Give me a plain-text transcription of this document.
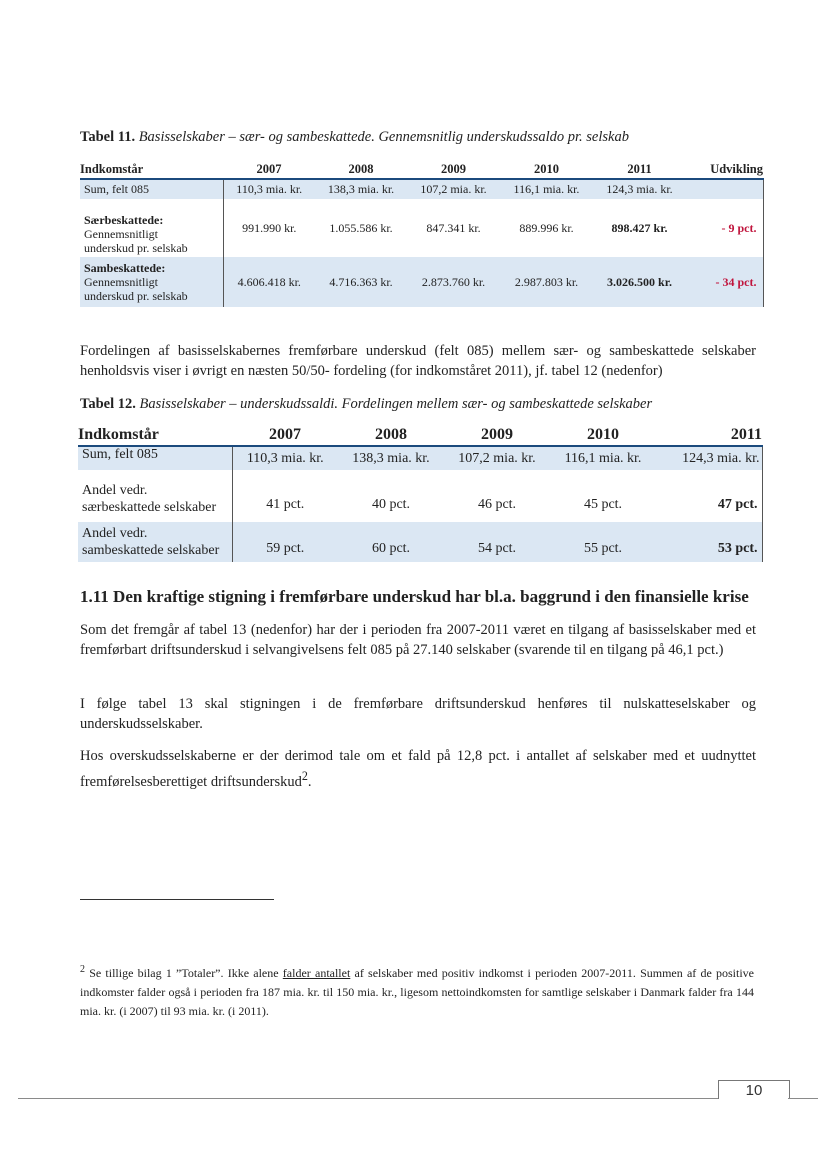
Tabel 11. Basisselskaber – sær- og sambeskattede. Gennemsnitlig underskudssaldo pr. selskab
Indkomstår	2007	2008	2009	2010	2011	Udvikling
Sum, felt 085	110,3 mia. kr.	138,3 mia. kr.	107,2 mia. kr.	116,1 mia. kr.	124,3 mia. kr.	

Særbeskattede:
Gennemsnitligt
underskud pr. selskab	991.990 kr.	1.055.586 kr.	847.341 kr.	889.996 kr.	898.427 kr.	- 9 pct.

Sambeskattede:
Gennemsnitligt
underskud pr. selskab	4.606.418 kr.	4.716.363 kr.	2.873.760 kr.	2.987.803 kr.	3.026.500 kr.	- 34 pct.
Fordelingen af basisselskabernes fremførbare underskud (felt 085) mellem sær- og sambeskattede selskaber henholdsvis viser i øvrigt en næsten 50/50- fordeling (for indkomståret 2011), jf. tabel 12 (nedenfor)
Tabel 12. Basisselskaber – underskudssaldi. Fordelingen mellem sær- og sambeskattede selskaber
Indkomstår	2007	2008	2009	2010	2011
Sum, felt 085	110,3 mia. kr.	138,3 mia. kr.	107,2 mia. kr.	116,1 mia. kr.	124,3 mia. kr.

Andel vedr.
særbeskattede selskaber	41 pct.	40 pct.	46 pct.	45 pct.	47 pct.

Andel vedr.
sambeskattede selskaber	59 pct.	60 pct.	54 pct.	55 pct.	53 pct.
1.11 Den kraftige stigning i fremførbare underskud har bl.a. baggrund i den finansielle krise
Som det fremgår af tabel 13 (nedenfor) har der i perioden fra 2007-2011 været en tilgang af basisselskaber med et fremførbart driftsunderskud i selvangivelsens felt 085 på 27.140 selskaber (svarende til en tilgang på 46,1 pct.)
I følge tabel 13 skal stigningen i de fremførbare driftsunderskud henføres til nulskatteselskaber og underskudsselskaber.
Hos overskudsselskaberne er der derimod tale om et fald på 12,8 pct. i antallet af selskaber med et uudnyttet fremførelsesberettiget driftsunderskud$^2$.
$^2$ Se tillige bilag 1 ”Totaler”. Ikke alene falder antallet af selskaber med positiv indkomst i perioden 2007-2011. Summen af de positive indkomster falder også i perioden fra 187 mia. kr. til 150 mia. kr., ligesom nettoindkomsten for samtlige selskaber i Danmark falder fra 144 mia. kr. (i 2007) til 93 mia. kr. (i 2011).
10
